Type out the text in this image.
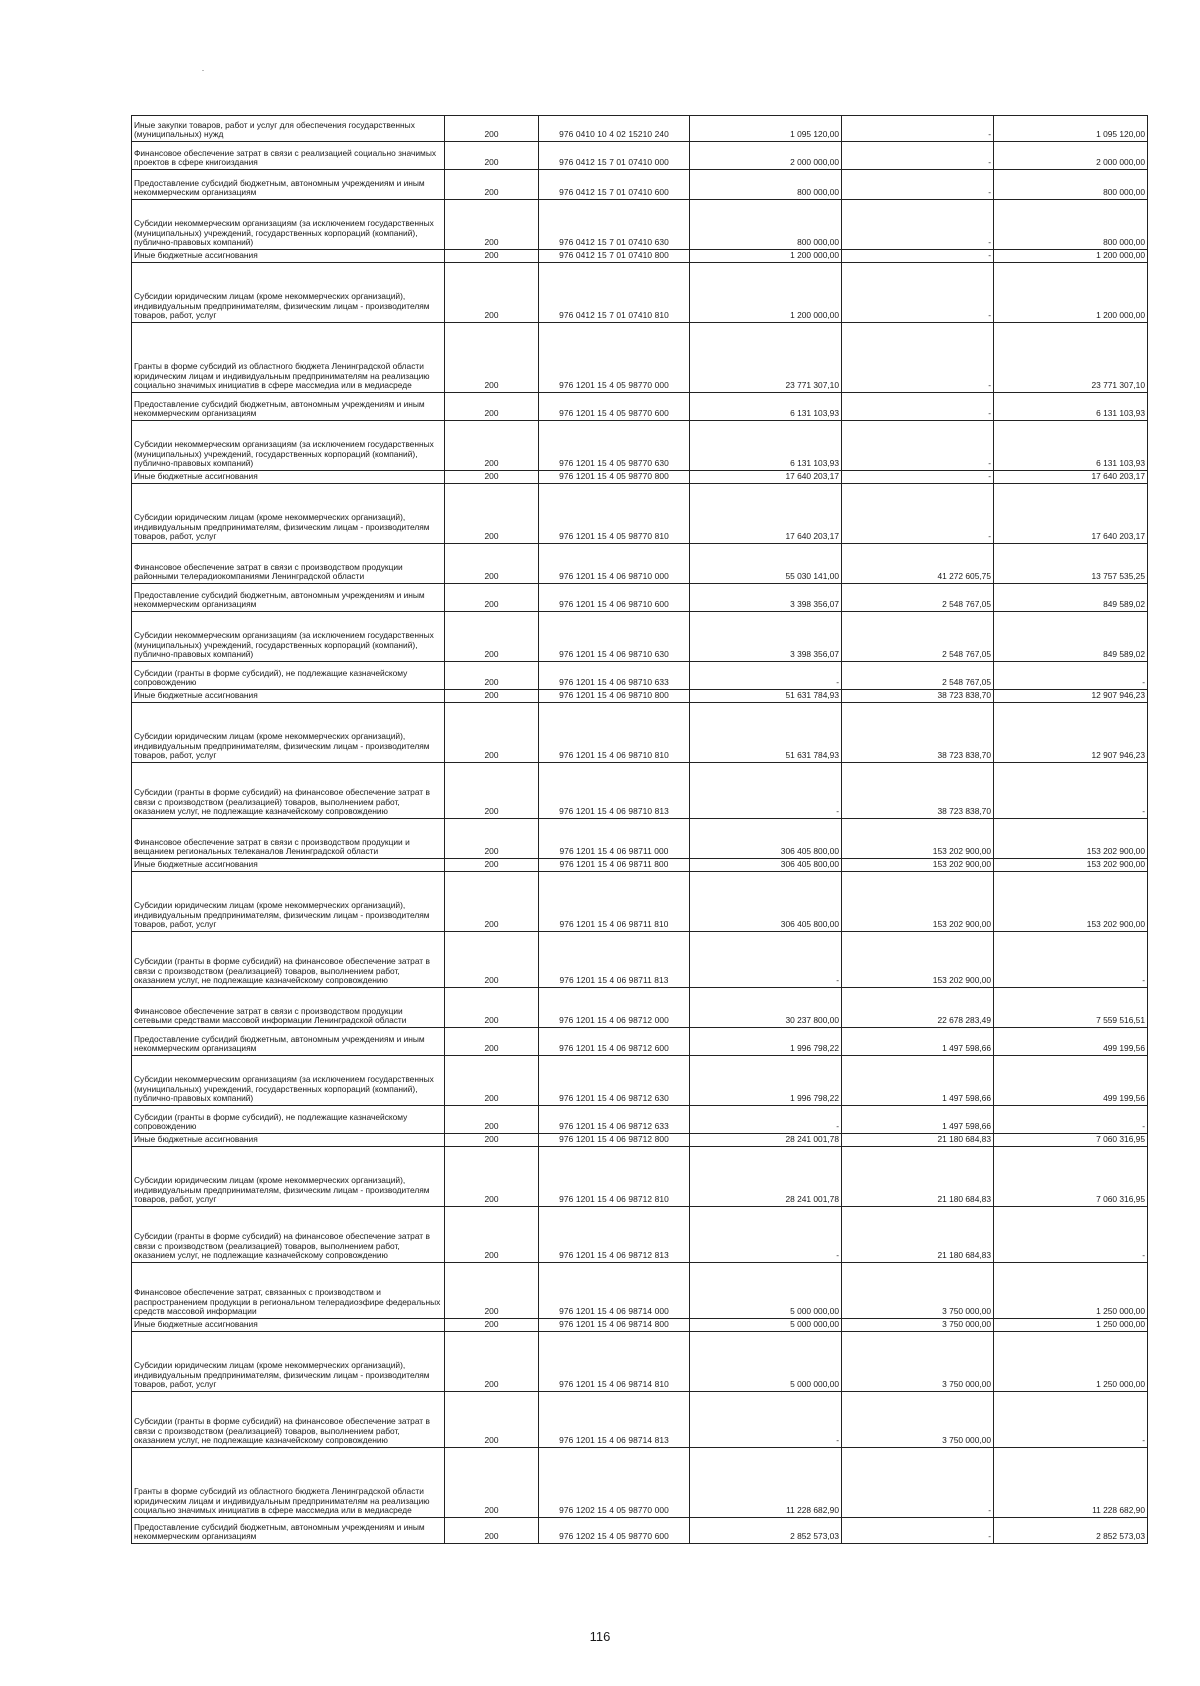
Иные закупки товаров, работ и услуг для обеспечения государственных (муниципальных) нужд	200	976 0410 10 4 02 15210 240	1 095 120,00	-	1 095 120,00
Финансовое обеспечение затрат в связи с реализацией социально значимых проектов в сфере книгоиздания	200	976 0412 15 7 01 07410 000	2 000 000,00	-	2 000 000,00
Предоставление субсидий бюджетным, автономным учреждениям и иным некоммерческим организациям	200	976 0412 15 7 01 07410 600	800 000,00	-	800 000,00
Субсидии некоммерческим организациям (за исключением государственных (муниципальных) учреждений, государственных корпораций (компаний), публично-правовых компаний)	200	976 0412 15 7 01 07410 630	800 000,00	-	800 000,00
Иные бюджетные ассигнования	200	976 0412 15 7 01 07410 800	1 200 000,00	-	1 200 000,00
Субсидии юридическим лицам (кроме некоммерческих организаций), индивидуальным предпринимателям, физическим лицам - производителям товаров, работ, услуг	200	976 0412 15 7 01 07410 810	1 200 000,00	-	1 200 000,00
Гранты в форме субсидий из областного бюджета Ленинградской области юридическим лицам и индивидуальным предпринимателям на реализацию социально значимых инициатив в сфере массмедиа или в медиасреде	200	976 1201 15 4 05 98770 000	23 771 307,10	-	23 771 307,10
Предоставление субсидий бюджетным, автономным учреждениям и иным некоммерческим организациям	200	976 1201 15 4 05 98770 600	6 131 103,93	-	6 131 103,93
Субсидии некоммерческим организациям (за исключением государственных (муниципальных) учреждений, государственных корпораций (компаний), публично-правовых компаний)	200	976 1201 15 4 05 98770 630	6 131 103,93	-	6 131 103,93
Иные бюджетные ассигнования	200	976 1201 15 4 05 98770 800	17 640 203,17	-	17 640 203,17
Субсидии юридическим лицам (кроме некоммерческих организаций), индивидуальным предпринимателям, физическим лицам - производителям товаров, работ, услуг	200	976 1201 15 4 05 98770 810	17 640 203,17	-	17 640 203,17
Финансовое обеспечение затрат в связи с производством продукции районными телерадиокомпаниями Ленинградской области	200	976 1201 15 4 06 98710 000	55 030 141,00	41 272 605,75	13 757 535,25
Предоставление субсидий бюджетным, автономным учреждениям и иным некоммерческим организациям	200	976 1201 15 4 06 98710 600	3 398 356,07	2 548 767,05	849 589,02
Субсидии некоммерческим организациям (за исключением государственных (муниципальных) учреждений, государственных корпораций (компаний), публично-правовых компаний)	200	976 1201 15 4 06 98710 630	3 398 356,07	2 548 767,05	849 589,02
Субсидии (гранты в форме субсидий), не подлежащие казначейскому сопровождению	200	976 1201 15 4 06 98710 633	-	2 548 767,05	-
Иные бюджетные ассигнования	200	976 1201 15 4 06 98710 800	51 631 784,93	38 723 838,70	12 907 946,23
Субсидии юридическим лицам (кроме некоммерческих организаций), индивидуальным предпринимателям, физическим лицам - производителям товаров, работ, услуг	200	976 1201 15 4 06 98710 810	51 631 784,93	38 723 838,70	12 907 946,23
Субсидии (гранты в форме субсидий) на финансовое обеспечение затрат в связи с производством (реализацией) товаров, выполнением работ, оказанием услуг, не подлежащие казначейскому сопровождению	200	976 1201 15 4 06 98710 813	-	38 723 838,70	-
Финансовое обеспечение затрат в связи с производством продукции и вещанием региональных телеканалов Ленинградской области	200	976 1201 15 4 06 98711 000	306 405 800,00	153 202 900,00	153 202 900,00
Иные бюджетные ассигнования	200	976 1201 15 4 06 98711 800	306 405 800,00	153 202 900,00	153 202 900,00
Субсидии юридическим лицам (кроме некоммерческих организаций), индивидуальным предпринимателям, физическим лицам - производителям товаров, работ, услуг	200	976 1201 15 4 06 98711 810	306 405 800,00	153 202 900,00	153 202 900,00
Субсидии (гранты в форме субсидий) на финансовое обеспечение затрат в связи с производством (реализацией) товаров, выполнением работ, оказанием услуг, не подлежащие казначейскому сопровождению	200	976 1201 15 4 06 98711 813	-	153 202 900,00	-
Финансовое обеспечение затрат в связи с производством продукции сетевыми средствами массовой информации Ленинградской области	200	976 1201 15 4 06 98712 000	30 237 800,00	22 678 283,49	7 559 516,51
Предоставление субсидий бюджетным, автономным учреждениям и иным некоммерческим организациям	200	976 1201 15 4 06 98712 600	1 996 798,22	1 497 598,66	499 199,56
Субсидии некоммерческим организациям (за исключением государственных (муниципальных) учреждений, государственных корпораций (компаний), публично-правовых компаний)	200	976 1201 15 4 06 98712 630	1 996 798,22	1 497 598,66	499 199,56
Субсидии (гранты в форме субсидий), не подлежащие казначейскому сопровождению	200	976 1201 15 4 06 98712 633	-	1 497 598,66	-
Иные бюджетные ассигнования	200	976 1201 15 4 06 98712 800	28 241 001,78	21 180 684,83	7 060 316,95
Субсидии юридическим лицам (кроме некоммерческих организаций), индивидуальным предпринимателям, физическим лицам - производителям товаров, работ, услуг	200	976 1201 15 4 06 98712 810	28 241 001,78	21 180 684,83	7 060 316,95
Субсидии (гранты в форме субсидий) на финансовое обеспечение затрат в связи с производством (реализацией) товаров, выполнением работ, оказанием услуг, не подлежащие казначейскому сопровождению	200	976 1201 15 4 06 98712 813	-	21 180 684,83	-
Финансовое обеспечение затрат, связанных с производством и распространением продукции в региональном телерадиоэфире федеральных средств массовой информации	200	976 1201 15 4 06 98714 000	5 000 000,00	3 750 000,00	1 250 000,00
Иные бюджетные ассигнования	200	976 1201 15 4 06 98714 800	5 000 000,00	3 750 000,00	1 250 000,00
Субсидии юридическим лицам (кроме некоммерческих организаций), индивидуальным предпринимателям, физическим лицам - производителям товаров, работ, услуг	200	976 1201 15 4 06 98714 810	5 000 000,00	3 750 000,00	1 250 000,00
Субсидии (гранты в форме субсидий) на финансовое обеспечение затрат в связи с производством (реализацией) товаров, выполнением работ, оказанием услуг, не подлежащие казначейскому сопровождению	200	976 1201 15 4 06 98714 813	-	3 750 000,00	-
Гранты в форме субсидий из областного бюджета Ленинградской области юридическим лицам и индивидуальным предпринимателям на реализацию социально значимых инициатив в сфере массмедиа или в медиасреде	200	976 1202 15 4 05 98770 000	11 228 682,90	-	11 228 682,90
Предоставление субсидий бюджетным, автономным учреждениям и иным некоммерческим организациям	200	976 1202 15 4 05 98770 600	2 852 573,03	-	2 852 573,03
116
